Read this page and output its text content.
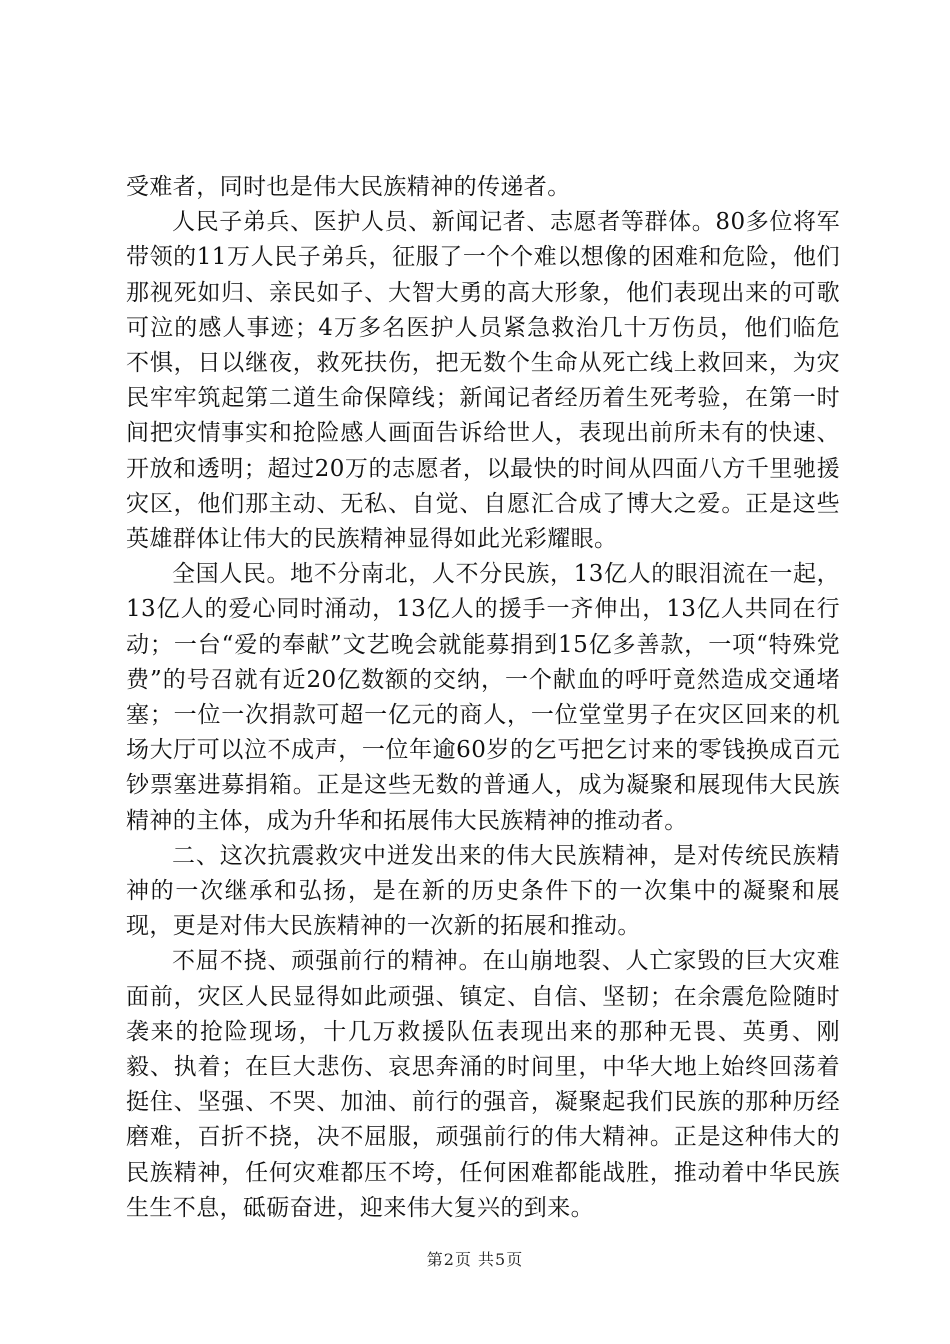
受难者，同时也是伟大民族精神的传递者。

人民子弟兵、医护人员、新闻记者、志愿者等群体。80多位将军带领的11万人民子弟兵，征服了一个个难以想像的困难和危险，他们那视死如归、亲民如子、大智大勇的高大形象，他们表现出来的可歌可泣的感人事迹；4万多名医护人员紧急救治几十万伤员，他们临危不惧，日以继夜，救死扶伤，把无数个生命从死亡线上救回来，为灾民牢牢筑起第二道生命保障线；新闻记者经历着生死考验，在第一时间把灾情事实和抢险感人画面告诉给世人，表现出前所未有的快速、开放和透明；超过20万的志愿者，以最快的时间从四面八方千里驰援灾区，他们那主动、无私、自觉、自愿汇合成了博大之爱。正是这些英雄群体让伟大的民族精神显得如此光彩耀眼。

全国人民。地不分南北，人不分民族，13亿人的眼泪流在一起，13亿人的爱心同时涌动，13亿人的援手一齐伸出，13亿人共同在行动；一台“爱的奉献”文艺晚会就能募捐到15亿多善款，一项“特殊党费”的号召就有近20亿数额的交纳，一个献血的呼吁竟然造成交通堵塞；一位一次捐款可超一亿元的商人，一位堂堂男子在灾区回来的机场大厅可以泣不成声，一位年逾60岁的乞丐把乞讨来的零钱换成百元钞票塞进募捐箱。正是这些无数的普通人，成为凝聚和展现伟大民族精神的主体，成为升华和拓展伟大民族精神的推动者。

二、这次抗震救灾中迸发出来的伟大民族精神，是对传统民族精神的一次继承和弘扬，是在新的历史条件下的一次集中的凝聚和展现，更是对伟大民族精神的一次新的拓展和推动。

不屈不挠、顽强前行的精神。在山崩地裂、人亡家毁的巨大灾难面前，灾区人民显得如此顽强、镇定、自信、坚韧；在余震危险随时袭来的抢险现场，十几万救援队伍表现出来的那种无畏、英勇、刚毅、执着；在巨大悲伤、哀思奔涌的时间里，中华大地上始终回荡着挺住、坚强、不哭、加油、前行的强音，凝聚起我们民族的那种历经磨难，百折不挠，决不屈服，顽强前行的伟大精神。正是这种伟大的民族精神，任何灾难都压不垮，任何困难都能战胜，推动着中华民族生生不息，砥砺奋进，迎来伟大复兴的到来。

第2页 共5页
